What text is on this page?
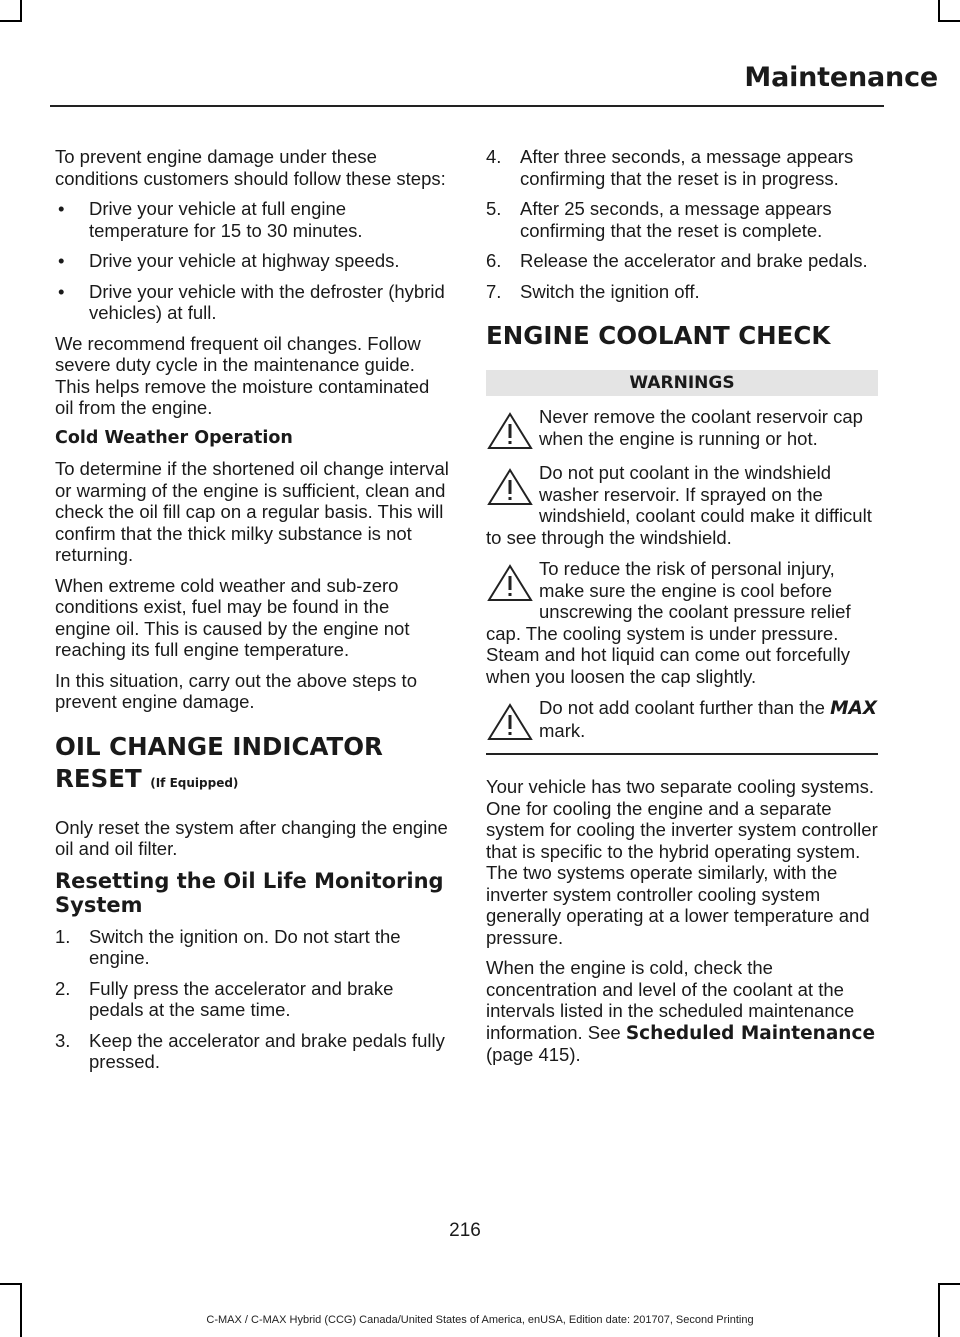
Maintenance

To prevent engine damage under these conditions customers should follow these steps:

• Drive your vehicle at full engine temperature for 15 to 30 minutes.
• Drive your vehicle at highway speeds.
• Drive your vehicle with the defroster (hybrid vehicles) at full.

We recommend frequent oil changes. Follow severe duty cycle in the maintenance guide. This helps remove the moisture contaminated oil from the engine.

Cold Weather Operation

To determine if the shortened oil change interval or warming of the engine is sufficient, clean and check the oil fill cap on a regular basis. This will confirm that the thick milky substance is not returning.

When extreme cold weather and sub-zero conditions exist, fuel may be found in the engine oil. This is caused by the engine not reaching its full engine temperature.

In this situation, carry out the above steps to prevent engine damage.

OIL CHANGE INDICATOR
RESET (If Equipped)

Only reset the system after changing the engine oil and oil filter.

Resetting the Oil Life Monitoring System
1. Switch the ignition on. Do not start the engine.
2. Fully press the accelerator and brake pedals at the same time.
3. Keep the accelerator and brake pedals fully pressed.
4. After three seconds, a message appears confirming that the reset is in progress.
5. After 25 seconds, a message appears confirming that the reset is complete.
6. Release the accelerator and brake pedals.
7. Switch the ignition off.
ENGINE COOLANT CHECK
WARNINGS
Never remove the coolant reservoir cap when the engine is running or hot.
Do not put coolant in the windshield washer reservoir. If sprayed on the windshield, coolant could make it difficult to see through the windshield.
To reduce the risk of personal injury, make sure the engine is cool before unscrewing the coolant pressure relief cap. The cooling system is under pressure. Steam and hot liquid can come out forcefully when you loosen the cap slightly.
Do not add coolant further than the MAX mark.

Your vehicle has two separate cooling systems. One for cooling the engine and a separate system for cooling the inverter system controller that is specific to the hybrid operating system. The two systems operate similarly, with the inverter system controller cooling system generally operating at a lower temperature and pressure.

When the engine is cold, check the concentration and level of the coolant at the intervals listed in the scheduled maintenance information. See Scheduled Maintenance (page 415).

216
C-MAX / C-MAX Hybrid (CCG) Canada/United States of America, enUSA, Edition date: 201707, Second Printing
